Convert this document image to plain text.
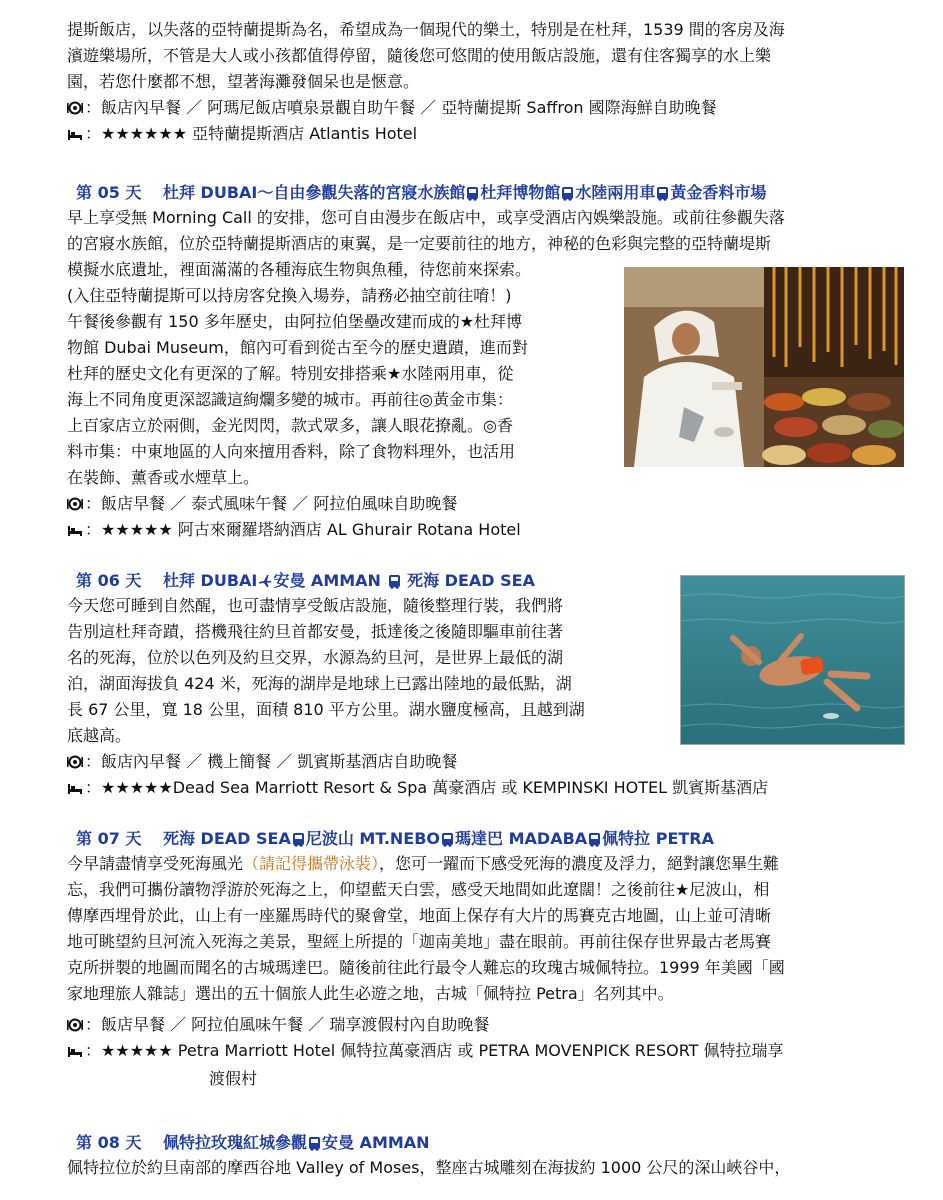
提斯飯店，以失落的亞特蘭提斯為名，希望成為一個現代的樂土，特別是在杜拜，1539 間的客房及海

濱遊樂場所，不管是大人或小孩都值得停留，隨後您可悠閒的使用飯店設施，還有住客獨享的水上樂

園，若您什麼都不想，望著海灘發個呆也是愜意。

：飯店內早餐 ／ 阿瑪尼飯店噴泉景觀自助午餐 ／ 亞特蘭提斯 Saffron 國際海鮮自助晚餐
：★★★★★★ 亞特蘭提斯酒店 Atlantis Hotel
第 05 天　 杜拜 DUBAI～自由參觀失落的宮寢水族館 杜拜博物館 水陸兩用車 黃金香料市場

早上享受無 Morning Call 的安排，您可自由漫步在飯店中，或享受酒店內娛樂設施。或前往參觀失落

的宮寢水族館，位於亞特蘭提斯酒店的東翼，是一定要前往的地方，神秘的色彩與完整的亞特蘭堤斯

模擬水底遺址，裡面滿滿的各種海底生物與魚種，待您前來探索。

(入住亞特蘭提斯可以持房客兌換入場券，請務必抽空前往唷！)

午餐後參觀有 150 多年歷史，由阿拉伯堡壘改建而成的★杜拜博

物館 Dubai Museum，館內可看到從古至今的歷史遺蹟，進而對

杜拜的歷史文化有更深的了解。特別安排搭乘★水陸兩用車，從

海上不同角度更深認識這絢爛多變的城市。再前往◎黃金市集：

上百家店立於兩側，金光閃閃，款式眾多，讓人眼花撩亂。◎香

料市集：中東地區的人向來擅用香料，除了食物料理外，也活用

在裝飾、薰香或水煙草上。

：飯店早餐 ／ 泰式風味午餐 ／ 阿拉伯風味自助晚餐
：★★★★★ 阿古來爾羅塔納酒店 AL Ghurair Rotana Hotel
第 06 天　 杜拜 DUBAI 安曼 AMMAN  死海 DEAD SEA

今天您可睡到自然醒，也可盡情享受飯店設施，隨後整理行裝，我們將

告別這杜拜奇蹟，搭機飛往約旦首都安曼，抵達後之後隨即驅車前往著

名的死海，位於以色列及約旦交界，水源為約旦河，是世界上最低的湖

泊，湖面海拔負 424 米，死海的湖岸是地球上已露出陸地的最低點，湖

長 67 公里，寬 18 公里，面積 810 平方公里。湖水鹽度極高，且越到湖

底越高。

：飯店內早餐 ／ 機上簡餐 ／ 凱賓斯基酒店自助晚餐
：★★★★★Dead Sea Marriott Resort & Spa 萬豪酒店 或 KEMPINSKI HOTEL 凱賓斯基酒店
第 07 天　 死海 DEAD SEA 尼波山 MT.NEBO 瑪達巴 MADABA 佩特拉 PETRA

今早請盡情享受死海風光（請記得攜帶泳裝），您可一躍而下感受死海的濃度及浮力，絕對讓您畢生難

忘，我們可攜份讀物浮游於死海之上，仰望藍天白雲，感受天地間如此遼闊！之後前往★尼波山，相

傳摩西埋骨於此，山上有一座羅馬時代的聚會堂，地面上保存有大片的馬賽克古地圖，山上並可清晰

地可眺望約旦河流入死海之美景，聖經上所提的「迦南美地」盡在眼前。再前往保存世界最古老馬賽

克所拼製的地圖而聞名的古城瑪達巴。隨後前往此行最令人難忘的玫瑰古城佩特拉。1999 年美國「國

家地理旅人雜誌」選出的五十個旅人此生必遊之地，古城「佩特拉 Petra」名列其中。

：飯店早餐 ／ 阿拉伯風味午餐 ／ 瑞享渡假村內自助晚餐
：★★★★★ Petra Marriott Hotel 佩特拉萬豪酒店 或 PETRA MOVENPICK RESORT 佩特拉瑞享

渡假村

第 08 天　 佩特拉玫瑰紅城參觀 安曼 AMMAN

佩特拉位於約旦南部的摩西谷地 Valley of Moses，整座古城雕刻在海拔約 1000 公尺的深山峽谷中，
